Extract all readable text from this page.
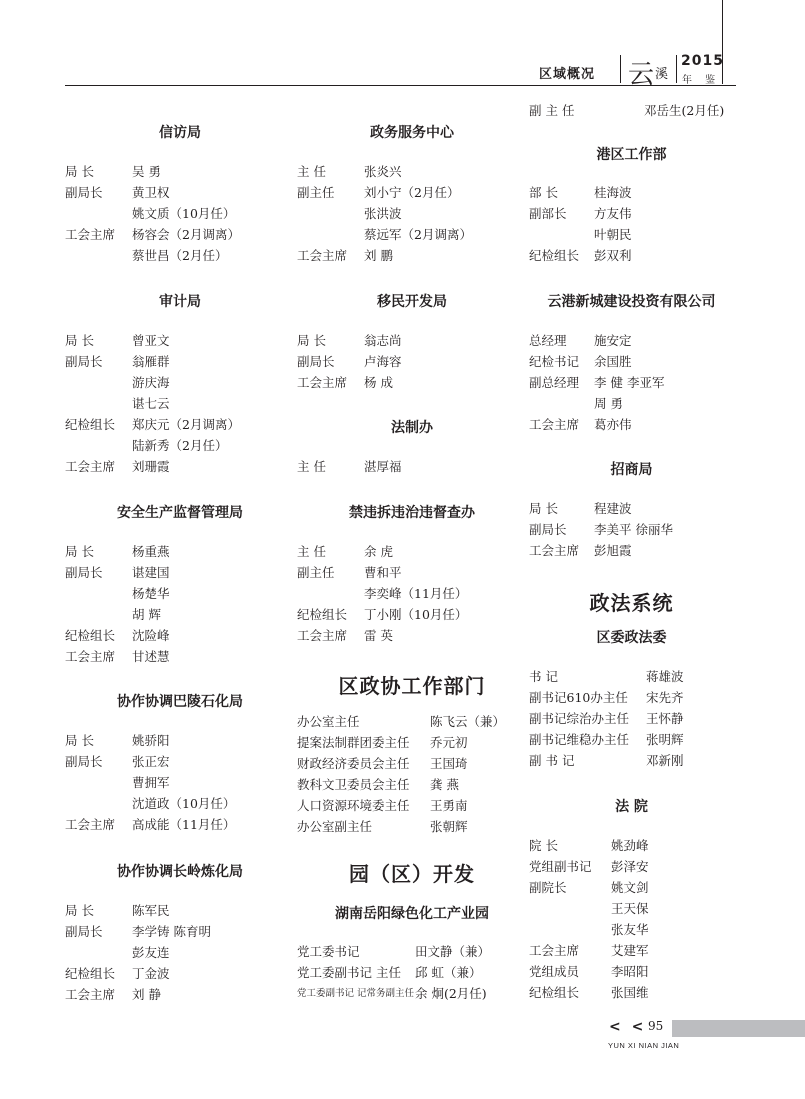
区域概况 云 溪
2015
年 鉴
信访局
局 长	吴 勇
副局长	黄卫权
姚文质（10月任）
工会主席 杨容会（2月调离）
蔡世昌（2月任）
审计局
局 长	曾亚文
副局长	翁雁群
游庆海
谌七云
纪检组长 郑庆元（2月调离）
陆新秀（2月任）
工会主席 刘珊霞
安全生产监督管理局
局 长	杨重燕
副局长	谌建国
杨楚华
胡 辉
纪检组长 沈险峰
工会主席 甘述慧
协作协调巴陵石化局
局 长	姚骄阳
副局长	张正宏
曹拥军
沈道政（10月任）
工会主席 高成能（11月任）
协作协调长岭炼化局
局 长	陈军民
副局长	李学铸 陈育明
彭友连
纪检组长 丁金波
工会主席 刘 静
政务服务中心
主 任	张炎兴
副主任	刘小宁（2月任）
张洪波
蔡远军（2月调离）
工会主席 刘 鹏
移民开发局
局 长	翁志尚
副局长	卢海容
工会主席 杨 成
法制办
主 任	湛厚福
禁违拆违治违督查办
主 任	余 虎
副主任	曹和平
李奕峰（11月任）
纪检组长 丁小刚（10月任）
工会主席 雷 英
区政协工作部门
办公室主任	陈飞云（兼）
提案法制群团委主任	乔元初
财政经济委员会主任	王国琦
教科文卫委员会主任	龚 燕
人口资源环境委主任	王勇南
办公室副主任	张朝辉
园（区）开发
湖南岳阳绿色化工产业园
党工委书记	田文静（兼）
党工委副书记 主任	邱 虹（兼）
党工委副书记 记常务副主任 余 炯(2月任)
副 主 任	邓岳生(2月任)
港区工作部
部 长	桂海波
副部长	方友伟
叶朝民
纪检组长 彭双利
云港新城建设投资有限公司
总经理	施安定
纪检书记 余国胜
副总经理 李 健 李亚军
周 勇
工会主席 葛亦伟
招商局
局 长	程建波
副局长	李美平 徐丽华
工会主席 彭旭霞
政法系统
区委政法委
书 记	蒋雄波
副书记610办主任 宋先齐
副书记综治办主任 王怀静
副书记维稳办主任 张明辉
副 书 记	邓新刚
法 院
院 长	姚劲峰
党组副书记	彭泽安
副院长	姚文剑
王天保
张友华
工会主席	艾建军
党组成员	李昭阳
纪检组长	张国维
< < 95
YUN XI NIAN JIAN
